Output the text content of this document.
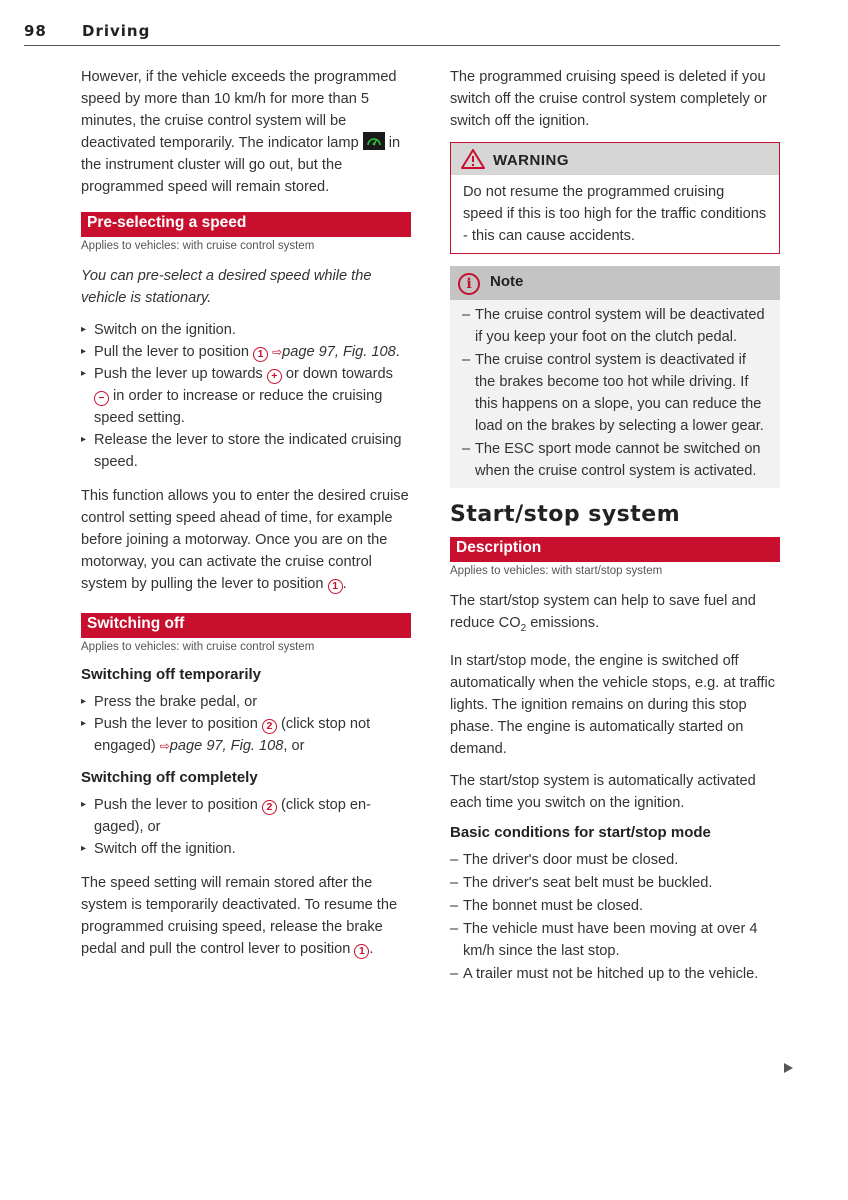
98 Driving

However, if the vehicle exceeds the programmed speed by more than 10 km/h for more than 5 minutes, the cruise control system will be deactivated temporarily. The indicator lamp
in the instrument cluster will go out, but the programmed speed will remain stored.

Pre-selecting a speed
Applies to vehicles: with cruise control system

You can pre-select a desired speed while the vehicle is stationary.

▸ Switch on the ignition.
▸ Pull the lever to position 1 ⇨page 97, Fig. 108.
▸ Push the lever up towards + or down towards − in order to increase or reduce the cruising speed setting.
▸ Release the lever to store the indicated cruising speed.

This function allows you to enter the desired cruise control setting speed ahead of time, for example before joining a motorway. Once you are on the motorway, you can activate the cruise control system by pulling the lever to position 1 .

Switching off
Applies to vehicles: with cruise control system
Switching off temporarily
▸ Press the brake pedal, or
▸ Push the lever to position 2 (click stop not engaged) ⇨page 97, Fig. 108, or
Switching off completely
▸ Push the lever to position 2 (click stop engaged), or
▸ Switch off the ignition.

The speed setting will remain stored after the system is temporarily deactivated. To resume the programmed cruising speed, release the brake pedal and pull the control lever to position 1 .

The programmed cruising speed is deleted if you switch off the cruise control system completely or switch off the ignition.

WARNING

Do not resume the programmed cruising speed if this is too high for the traffic conditions - this can cause accidents.

i Note
– The cruise control system will be deactivated if you keep your foot on the clutch pedal.
– The cruise control system is deactivated if the brakes become too hot while driving. If this happens on a slope, you can reduce the load on the brakes by selecting a lower gear.
– The ESC sport mode cannot be switched on when the cruise control system is activated.
Start/stop system
Description
Applies to vehicles: with start/stop system

The start/stop system can help to save fuel and reduce $CO_2$ emissions.

In start/stop mode, the engine is switched off automatically when the vehicle stops, e.g. at traffic lights. The ignition remains on during this stop phase. The engine is automatically started on demand.

The start/stop system is automatically activated each time you switch on the ignition.

Basic conditions for start/stop mode
– The driver's door must be closed.
– The driver's seat belt must be buckled.
– The bonnet must be closed.
– The vehicle must have been moving at over 4 km/h since the last stop.
– A trailer must not be hitched up to the vehicle.
